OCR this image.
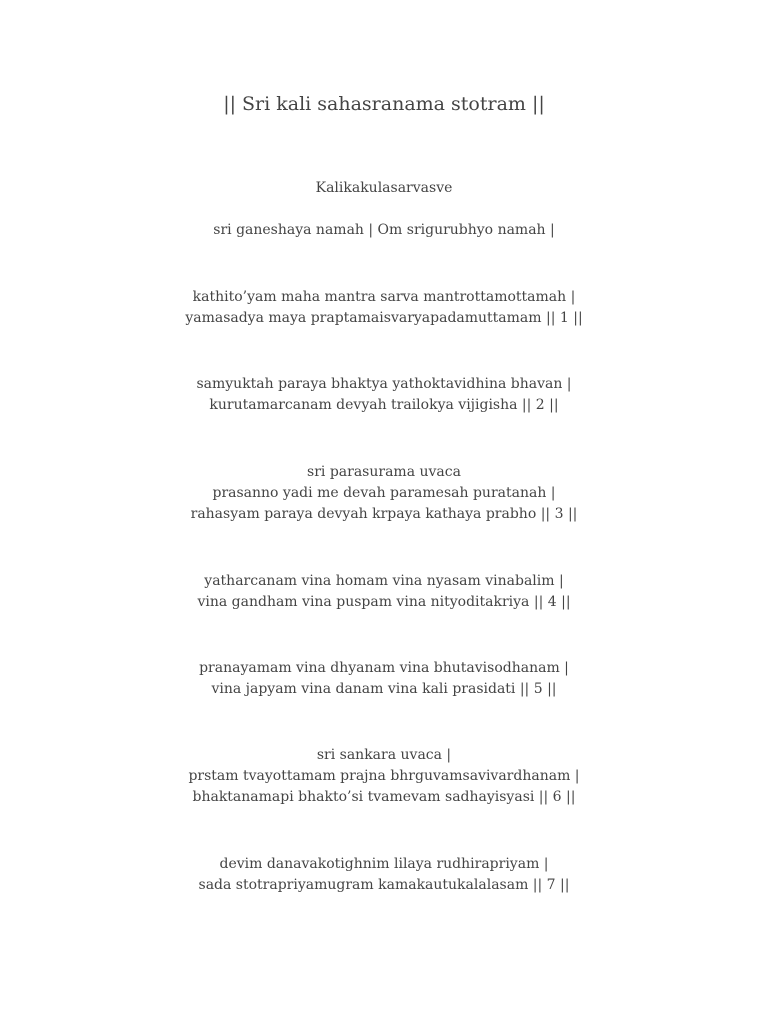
|| Sri kali sahasranama stotram ||
Kalikakulasarvasve
sri ganeshaya namah | Om srigurubhyo namah |
kathito’yam maha mantra sarva mantrottamottamah |
yamasadya maya praptamaisvaryapadamuttamam || 1 ||
samyuktah paraya bhaktya yathoktavidhina bhavan |
kurutamarcanam devyah trailokya vijigisha || 2 ||
sri parasurama uvaca
prasanno yadi me devah paramesah puratanah |
rahasyam paraya devyah krpaya kathaya prabho || 3 ||
yatharcanam vina homam vina nyasam vinabalim |
vina gandham vina puspam vina nityoditakriya || 4 ||
pranayamam vina dhyanam vina bhutavisodhanam |
vina japyam vina danam vina kali prasidati || 5 ||
sri sankara uvaca |
prstam tvayottamam prajna bhrguvamsavivardhanam |
bhaktanamapi bhakto’si tvamevam sadhayisyasi || 6 ||
devim danavakotighnim lilaya rudhirapriyam |
sada stotrapriyamugram kamakautukalalasam || 7 ||
